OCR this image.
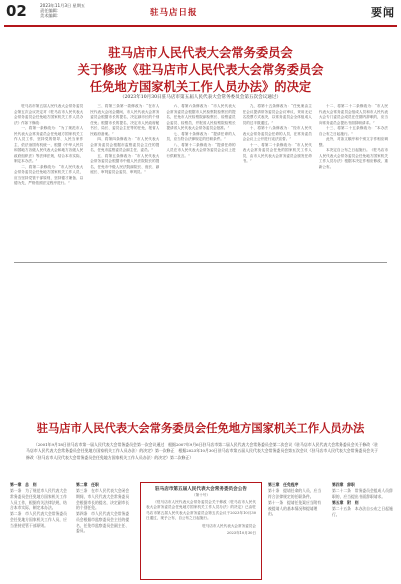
02	2023年11月3日 星期五
责任编辑：
美术编辑：	驻马店日报	要闻
驻马店市人民代表大会常务委员会
关于修改《驻马店市人民代表大会常务委员会
任免地方国家机关工作人员办法》的决定
（2023年10月30日驻马店市第五届人民代表大会常务委员会第五次会议通过）

驻马店市第五届人民代表大会常务委员会第五次会议决定对《驻马店市人民代表大会常务委员会任免地方国家机关工作人员办法》作如下修改：

一、将第一条修改为：“为了规范市人民代表大会常务委员会任免地方国家机关工作人员工作，坚持党的领导、人民当家作主、依法治国有机统一，根据《中华人民共和国地方各级人民代表大会和地方各级人民政府组织法》等法律法规，结合本市实际，制定本办法。”

二、将第二条修改为：“市人民代表大会常务委员会任免地方国家机关工作人员，应当坚持党管干部原则，坚持德才兼备、以德为先，严格依照法定程序进行。”

三、将第三条第一款修改为：“在市人民代表大会闭会期间，市人民代表大会常务委员会根据市长的提名，决定副市长的个别任免；根据市长的提名，决定市人民政府秘书长、局长、委员会主任等的任免，报省人民政府备案。”

四、将第四条修改为：“市人民代表大会常务委员会根据市监察委员会主任的提名，任免市监察委员会副主任、委员。”

五、将第五条修改为：“市人民代表大会常务委员会根据市中级人民法院院长的提名，任免市中级人民法院副院长、庭长、副庭长、审判委员会委员、审判员。”

六、将第六条修改为：“市人民代表大会常务委员会根据市人民检察院检察长的提名，任免市人民检察院副检察长、检察委员会委员、检察员，并报省人民检察院检察长提请省人民代表大会常务委员会批准。”

七、将第十条修改为：“提请任命的人员，应当符合法律规定的任职条件。”

八、将第十二条修改为：“提请任命的人员在市人民代表大会常务委员会会议上进行供职发言。”

九、将第十五条修改为：“任免案由主任会议提请常务委员会会议审议，采用无记名投票方式表决，以常务委员会全体组成人员的过半数通过。”

十、将第十八条修改为：“经市人民代表大会常务委员会任命的人员，在常务委员会会议上公开进行宪法宣誓。”

十一、将第二十条修改为：“市人民代表大会常务委员会任免的国家机关工作人员，由市人民代表大会常务委员会颁发任命书。”

十二、将第二十二条修改为：“市人民代表大会常务委员会组成人员和市人民代表大会专门委员会成员在任期内辞职的，应当向常务委员会提出书面辞职请求。”

十三、将第二十五条修改为：“本办法自公布之日起施行。”

此外，对条文顺序和个别文字作相应调整。

本决定自公布之日起施行。《驻马店市人民代表大会常务委员会任免地方国家机关工作人员办法》根据本决定作相应修改，重新公布。

驻马店市人民代表大会常务委员会任免地方国家机关工作人员办法
（2001年9月18日驻马店市第一届人民代表大会常务委员会第一次会议通过　根据2007年9月6日驻马店市第二届人民代表大会常务委员会第二次会议《驻马店市人民代表大会常务委员会关于修改〈驻马店市人民代表大会常务委员会任免地方国家机关工作人员办法〉的决定》第一次修正　根据2023年10月30日驻马店市第五届人民代表大会常务委员会第五次会议《驻马店市人民代表大会常务委员会关于修改〈驻马店市人民代表大会常务委员会任免地方国家机关工作人员办法〉的决定》第二次修正）

第一章　总　则

第一条　为了规范市人民代表大会常务委员会任免地方国家机关工作人员工作，根据有关法律法规，结合本市实际，制定本办法。

第二条　市人民代表大会常务委员会任免地方国家机关工作人员，应当坚持党管干部原则。

第二章　任职

第三条　在市人民代表大会闭会期间，市人民代表大会常务委员会根据市长的提名，决定副市长的个别任免。

第四条　市人民代表大会常务委员会根据市监察委员会主任的提名，任免市监察委员会副主任、委员。

驻马店市第五届人民代表大会常务委员会公告
（第十号）
《驻马店市人民代表大会常务委员会关于修改〈驻马店市人民代表大会常务委员会任免地方国家机关工作人员办法〉的决定》已由驻马店市第五届人民代表大会常务委员会第五次会议于2023年10月30日通过，现予公布，自公布之日起施行。
驻马店市人民代表大会常务委员会
2023年10月30日

第三章　任免程序

第十条　提请任命的人员，应当符合法律规定的任职条件。

第十一条　提请任免案应当附有被提请人的基本情况和提请理由。

第四章　辞职

第二十二条　常务委员会组成人员辞职的，应当提出书面辞职请求。

第五章　附　则

第二十五条　本办法自公布之日起施行。
